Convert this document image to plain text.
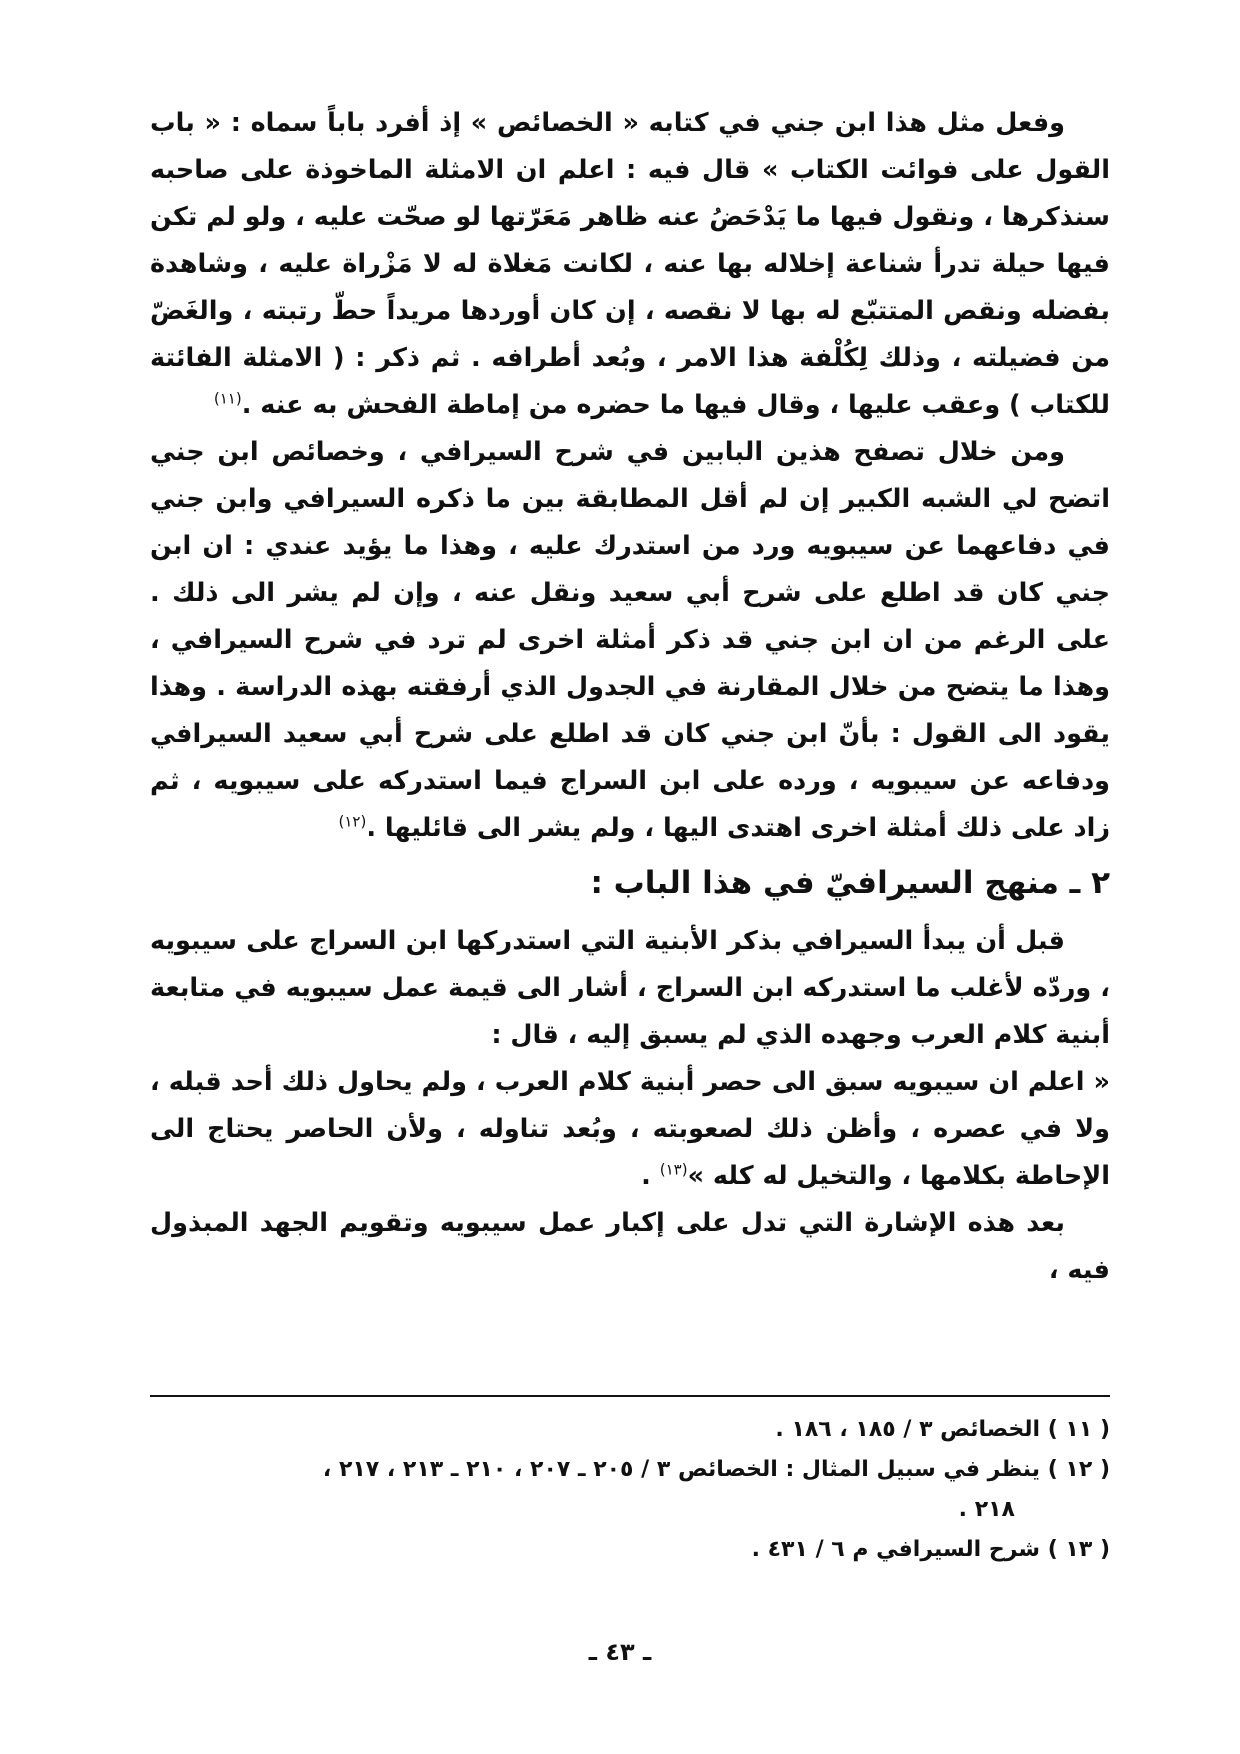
وفعل مثل هذا ابن جني في كتابه « الخصائص » إذ أفرد باباً سماه : « باب القول على فوائت الكتاب » قال فيه : اعلم ان الامثلة الماخوذة على صاحبه سنذكرها ، ونقول فيها ما يَدْحَضُ عنه ظاهر مَعَرّتها لو صحّت عليه ، ولو لم تكن فيها حيلة تدرأ شناعة إخلاله بها عنه ، لكانت مَغلاة له لا مَزْراة عليه ، وشاهدة بفضله ونقص المتتبّع له بها لا نقصه ، إن كان أوردها مريداً حطّ رتبته ، والغَضّ من فضيلته ، وذلك لِكُلْفة هذا الامر ، وبُعد أطرافه . ثم ذكر : ( الامثلة الفائتة للكتاب ) وعقب عليها ، وقال فيها ما حضره من إماطة الفحش به عنه .$^{(١١)}$

ومن خلال تصفح هذين البابين في شرح السيرافي ، وخصائص ابن جني اتضح لي الشبه الكبير إن لم أقل المطابقة بين ما ذكره السيرافي وابن جني في دفاعهما عن سيبويه ورد من استدرك عليه ، وهذا ما يؤيد عندي : ان ابن جني كان قد اطلع على شرح أبي سعيد ونقل عنه ، وإن لم يشر الى ذلك . على الرغم من ان ابن جني قد ذكر أمثلة اخرى لم ترد في شرح السيرافي ، وهذا ما يتضح من خلال المقارنة في الجدول الذي أرفقته بهذه الدراسة . وهذا يقود الى القول : بأنّ ابن جني كان قد اطلع على شرح أبي سعيد السيرافي ودفاعه عن سيبويه ، ورده على ابن السراج فيما استدركه على سيبويه ، ثم زاد على ذلك أمثلة اخرى اهتدى اليها ، ولم يشر الى قائليها .$^{(١٢)}$

٢ ـ منهج السيرافيّ في هذا الباب :

قبل أن يبدأ السيرافي بذكر الأبنية التي استدركها ابن السراج على سيبويه ، وردّه لأغلب ما استدركه ابن السراج ، أشار الى قيمة عمل سيبويه في متابعة أبنية كلام العرب وجهده الذي لم يسبق إليه ، قال :

« اعلم ان سيبويه سبق الى حصر أبنية كلام العرب ، ولم يحاول ذلك أحد قبله ، ولا في عصره ، وأظن ذلك لصعوبته ، وبُعد تناوله ، ولأن الحاصر يحتاج الى الإحاطة بكلامها ، والتخيل له كله »$^{(١٣)}$ .

بعد هذه الإشارة التي تدل على إكبار عمل سيبويه وتقويم الجهد المبذول فيه ،

( ١١ ) الخصائص ٣ / ١٨٥ ، ١٨٦ .

( ١٢ ) ينظر في سبيل المثال : الخصائص ٣ / ٢٠٥ ـ ٢٠٧ ، ٢١٠ ـ ٢١٣ ، ٢١٧ ،
٢١٨ .

( ١٣ ) شرح السيرافي م ٦ / ٤٣١ .

ـ ٤٣ ـ
